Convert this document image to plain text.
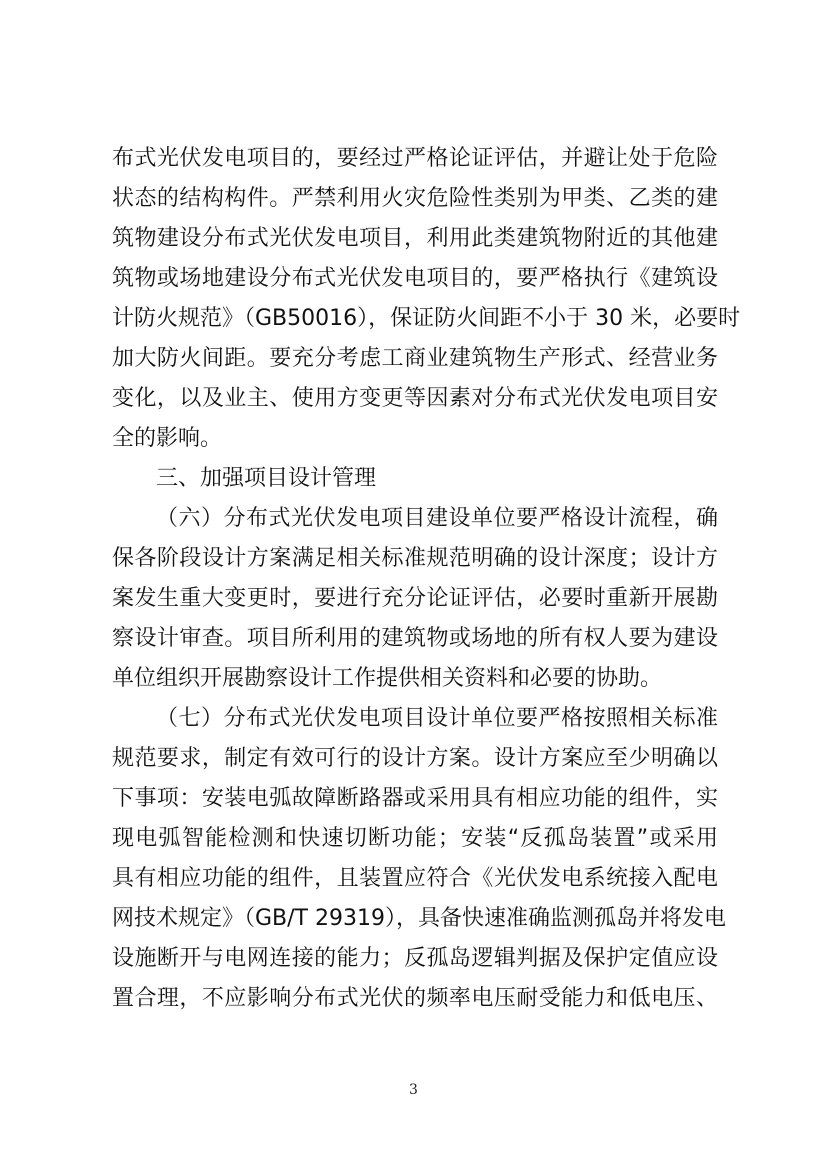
布式光伏发电项目的，要经过严格论证评估，并避让处于危险
状态的结构构件。严禁利用火灾危险性类别为甲类、乙类的建
筑物建设分布式光伏发电项目，利用此类建筑物附近的其他建
筑物或场地建设分布式光伏发电项目的，要严格执行《建筑设
计防火规范》（GB50016），保证防火间距不小于 30 米，必要时
加大防火间距。要充分考虑工商业建筑物生产形式、经营业务
变化，以及业主、使用方变更等因素对分布式光伏发电项目安
全的影响。
三、加强项目设计管理
（六）分布式光伏发电项目建设单位要严格设计流程，确
保各阶段设计方案满足相关标准规范明确的设计深度；设计方
案发生重大变更时，要进行充分论证评估，必要时重新开展勘
察设计审查。项目所利用的建筑物或场地的所有权人要为建设
单位组织开展勘察设计工作提供相关资料和必要的协助。
（七）分布式光伏发电项目设计单位要严格按照相关标准
规范要求，制定有效可行的设计方案。设计方案应至少明确以
下事项：安装电弧故障断路器或采用具有相应功能的组件，实
现电弧智能检测和快速切断功能；安装“反孤岛装置”或采用
具有相应功能的组件，且装置应符合《光伏发电系统接入配电
网技术规定》（GB/T 29319），具备快速准确监测孤岛并将发电
设施断开与电网连接的能力；反孤岛逻辑判据及保护定值应设
置合理，不应影响分布式光伏的频率电压耐受能力和低电压、
3
